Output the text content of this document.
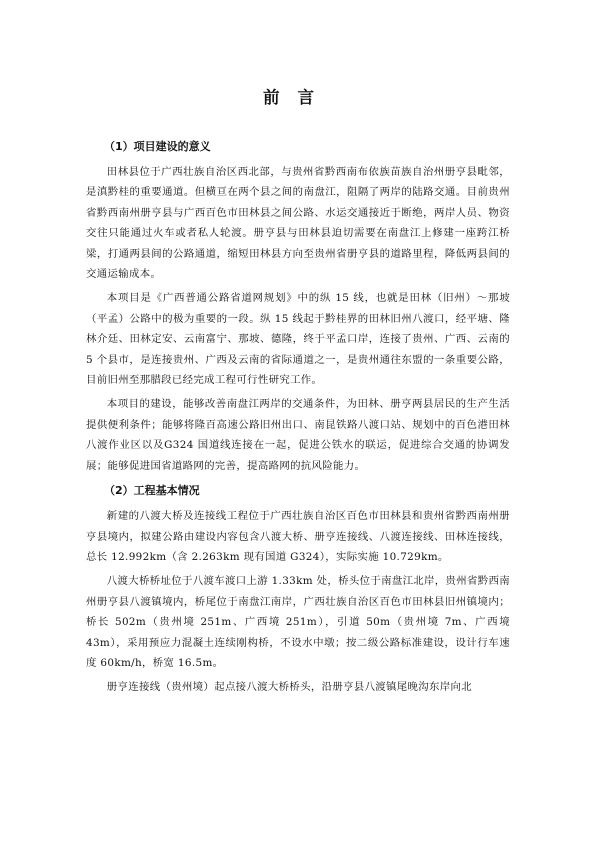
前言
（1）项目建设的意义

田林县位于广西壮族自治区西北部，与贵州省黔西南布依族苗族自治州册亨县毗邻，是滇黔桂的重要通道。但横亘在两个县之间的南盘江，阻隔了两岸的陆路交通。目前贵州省黔西南州册亨县与广西百色市田林县之间公路、水运交通接近于断绝，两岸人员、物资交往只能通过火车或者私人轮渡。册亨县与田林县迫切需要在南盘江上修建一座跨江桥梁，打通两县间的公路通道，缩短田林县方向至贵州省册亨县的道路里程，降低两县间的交通运输成本。

本项目是《广西普通公路省道网规划》中的纵 15 线，也就是田林（旧州）～那坡（平孟）公路中的极为重要的一段。纵 15 线起于黔桂界的田林旧州八渡口，经平塘、隆林介廷、田林定安、云南富宁、那坡、德隆，终于平孟口岸，连接了贵州、广西、云南的 5 个县市，是连接贵州、广西及云南的省际通道之一，是贵州通往东盟的一条重要公路，目前旧州至那腊段已经完成工程可行性研究工作。

本项目的建设，能够改善南盘江两岸的交通条件，为田林、册亨两县居民的生产生活提供便利条件；能够将隆百高速公路旧州出口、南昆铁路八渡口站、规划中的百色港田林八渡作业区以及G324 国道线连接在一起，促进公铁水的联运，促进综合交通的协调发展；能够促进国省道路网的完善，提高路网的抗风险能力。

（2）工程基本情况

新建的八渡大桥及连接线工程位于广西壮族自治区百色市田林县和贵州省黔西南州册亨县境内，拟建公路由建设内容包含八渡大桥、册亨连接线、八渡连接线、田林连接线，总长 12.992km（含 2.263km 现有国道 G324），实际实施 10.729km。

八渡大桥桥址位于八渡车渡口上游 1.33km 处，桥头位于南盘江北岸，贵州省黔西南州册亨县八渡镇境内，桥尾位于南盘江南岸，广西壮族自治区百色市田林县旧州镇境内；桥长 502m（贵州境 251m、广西境 251m），引道 50m（贵州境 7m、广西境 43m），采用预应力混凝土连续刚构桥，不设水中墩；按二级公路标准建设，设计行车速度 60km/h，桥宽 16.5m。

册亨连接线（贵州境）起点接八渡大桥桥头，沿册亨县八渡镇尾晚沟东岸向北
